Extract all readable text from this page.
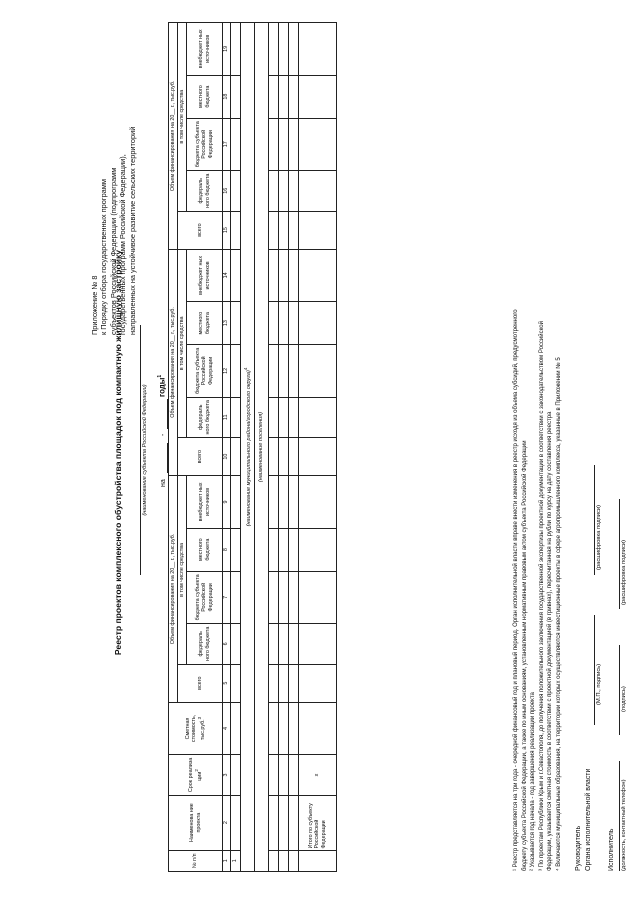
Приложение № 8 к Порядку отбора государственных программ субъектов Российской Федерации (подпрограмм государственных программ Российской Федерации), направленных на устойчивое развитие сельских территорий
Реестр проектов комплексного обустройства площадок под компактную жилищную застройку	(наименование субъекта Российской Федерации) на
-
годы$^1$
№ п/п	Наименова ние проекта	Срок реализа ции$^2$	Сметная стоимость, тыс.руб.$^3$	Объем финансирования на 20__ г., тыс.руб.					Объем финансирования на 20__ г., тыс.руб.					Объем финансирования на 20__ г., тыс.руб.				
				всего	в том числе средства				всего	в том числе средства				всего	в том числе средства			
					федераль ного бюджета	бюджета субъекта Российской Федерации	местного бюджета	внебюджет ных источников		федераль ного бюджета	бюджета субъекта Российской Федерации	местного бюджета	внебюджет ных источников		федераль ного бюджета	бюджета субъекта Российской Федерации	местного бюджета	внебюджет ных источников
1	2	3	4	5	6	7	8	9	10	11	12	13	14	15	16	17	18	19
1																		
(наименование муниципального района/городского округа)$^4$
(наименование поселения)																		

	Итого по субъекту Российской Федерации	х																	¹ Реестр представляется на три года - очередной финансовый год и плановый период. Орган исполнительной власти вправе внести изменения в реестр исходя из объема субсидий, предусмотренного бюджету субъекта Российской Федерации, а также по иным основаниям, установленным нормативным правовым актом субъекта Российской Федерации ² Указывается год начала - год завершения реализации проекта ³ По проектам Республики Крым и г.Севастополя, до получения положительного заключения государственной экспертизы проектной документации в соответствии с законодательством Российской Федерации, указывается сметная стоимость в соответствии с проектной документацией (в гривнах), пересчитанная на рубли по курсу на дату составления реестра ⁴ Включаются муниципальные образования, на территории которых осуществляются инвестиционные проекты в сфере агропромышленного комплекса, указанные в Приложении № 5 Руководитель Органа исполнительной власти
(М.П., подпись)
(расшифровка подписи)
Исполнитель (должность, контактный телефон)
(подпись)
(расшифровка подписи)
